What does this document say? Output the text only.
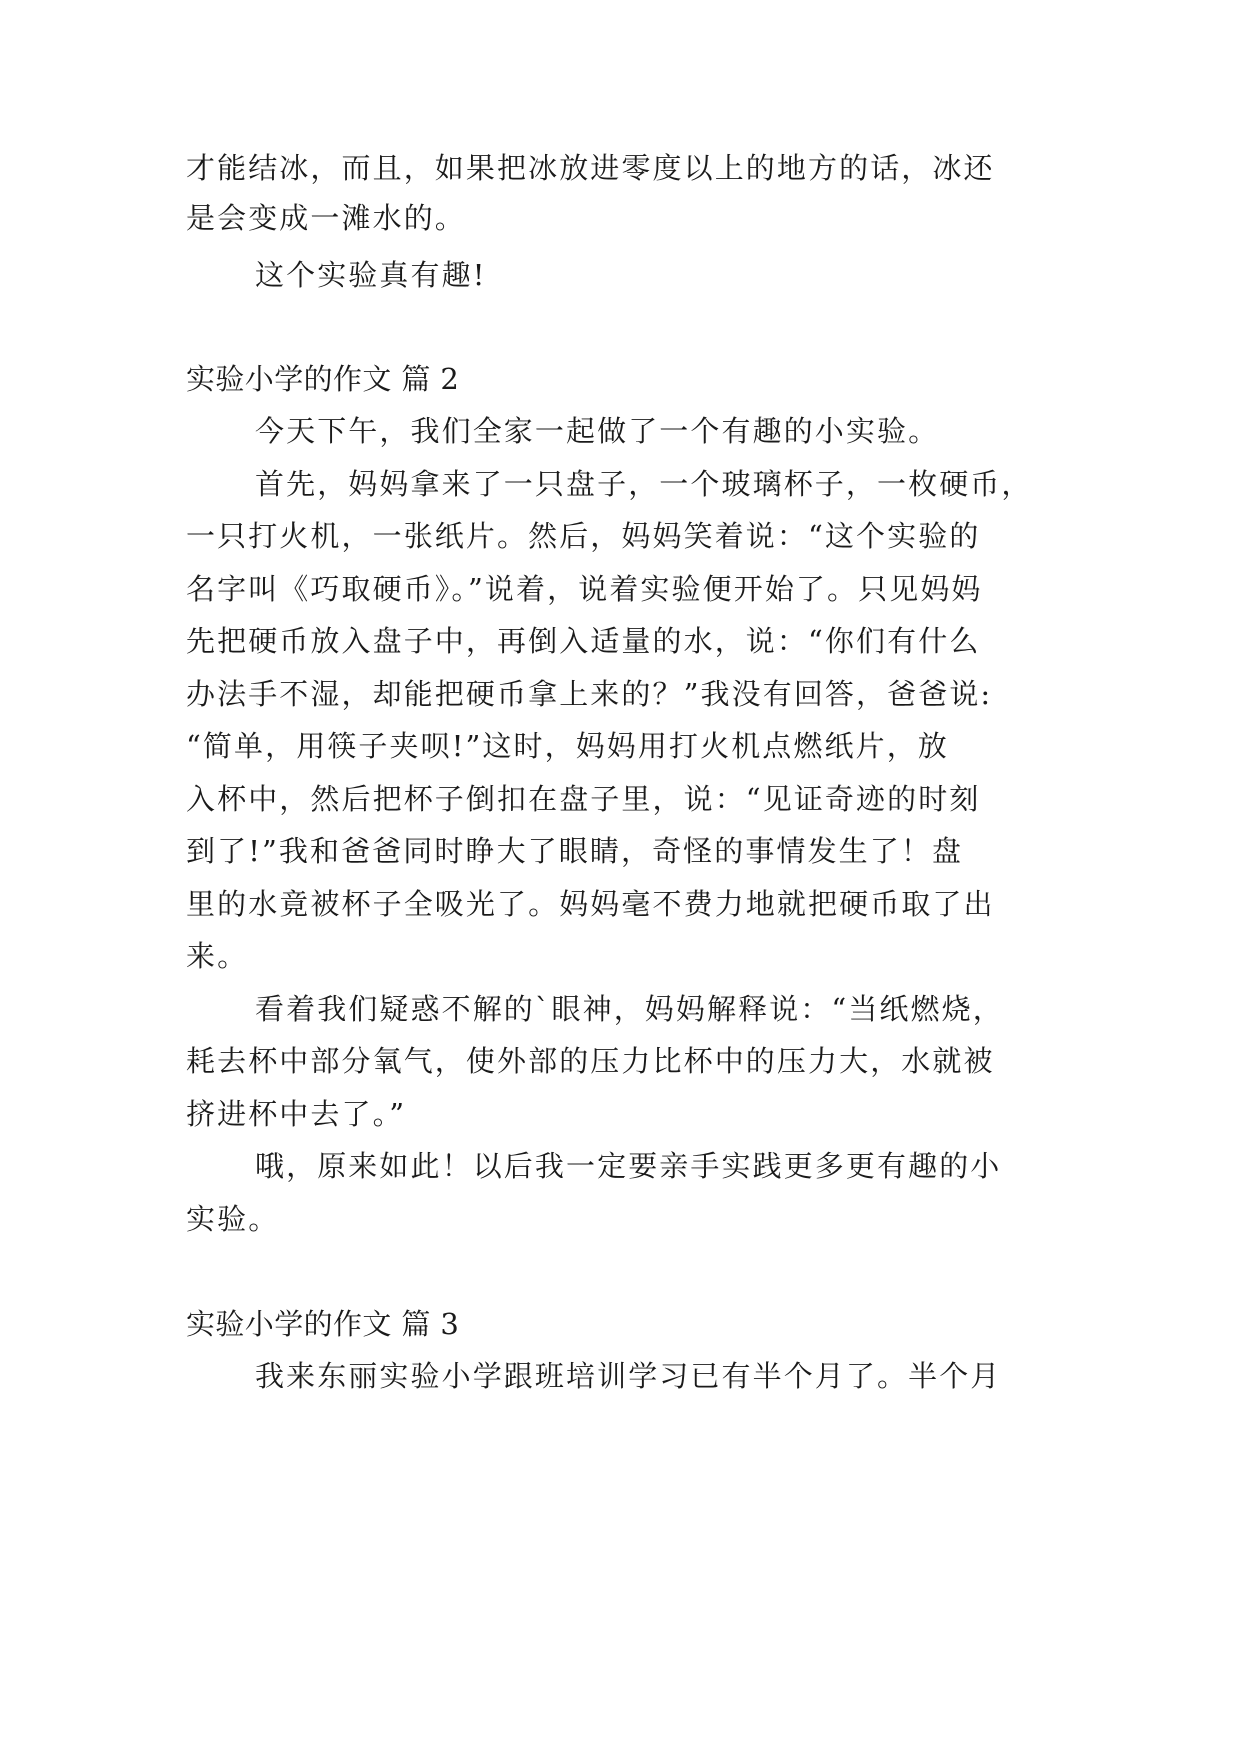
才能结冰，而且，如果把冰放进零度以上的地方的话，冰还

是会变成一滩水的。

这个实验真有趣!

实验小学的作文 篇 2

今天下午，我们全家一起做了一个有趣的小实验。

首先，妈妈拿来了一只盘子，一个玻璃杯子，一枚硬币，

一只打火机，一张纸片。然后，妈妈笑着说：“这个实验的

名字叫《巧取硬币》。”说着，说着实验便开始了。只见妈妈

先把硬币放入盘子中，再倒入适量的水，说：“你们有什么

办法手不湿，却能把硬币拿上来的？”我没有回答，爸爸说:

“简单，用筷子夹呗!”这时，妈妈用打火机点燃纸片，放

入杯中，然后把杯子倒扣在盘子里，说：“见证奇迹的时刻

到了!”我和爸爸同时睁大了眼睛，奇怪的事情发生了！盘

里的水竟被杯子全吸光了。妈妈毫不费力地就把硬币取了出

来。

看着我们疑惑不解的`眼神，妈妈解释说：“当纸燃烧，

耗去杯中部分氧气，使外部的压力比杯中的压力大，水就被

挤进杯中去了。”

哦，原来如此！以后我一定要亲手实践更多更有趣的小

实验。

实验小学的作文 篇 3

我来东丽实验小学跟班培训学习已有半个月了。半个月
